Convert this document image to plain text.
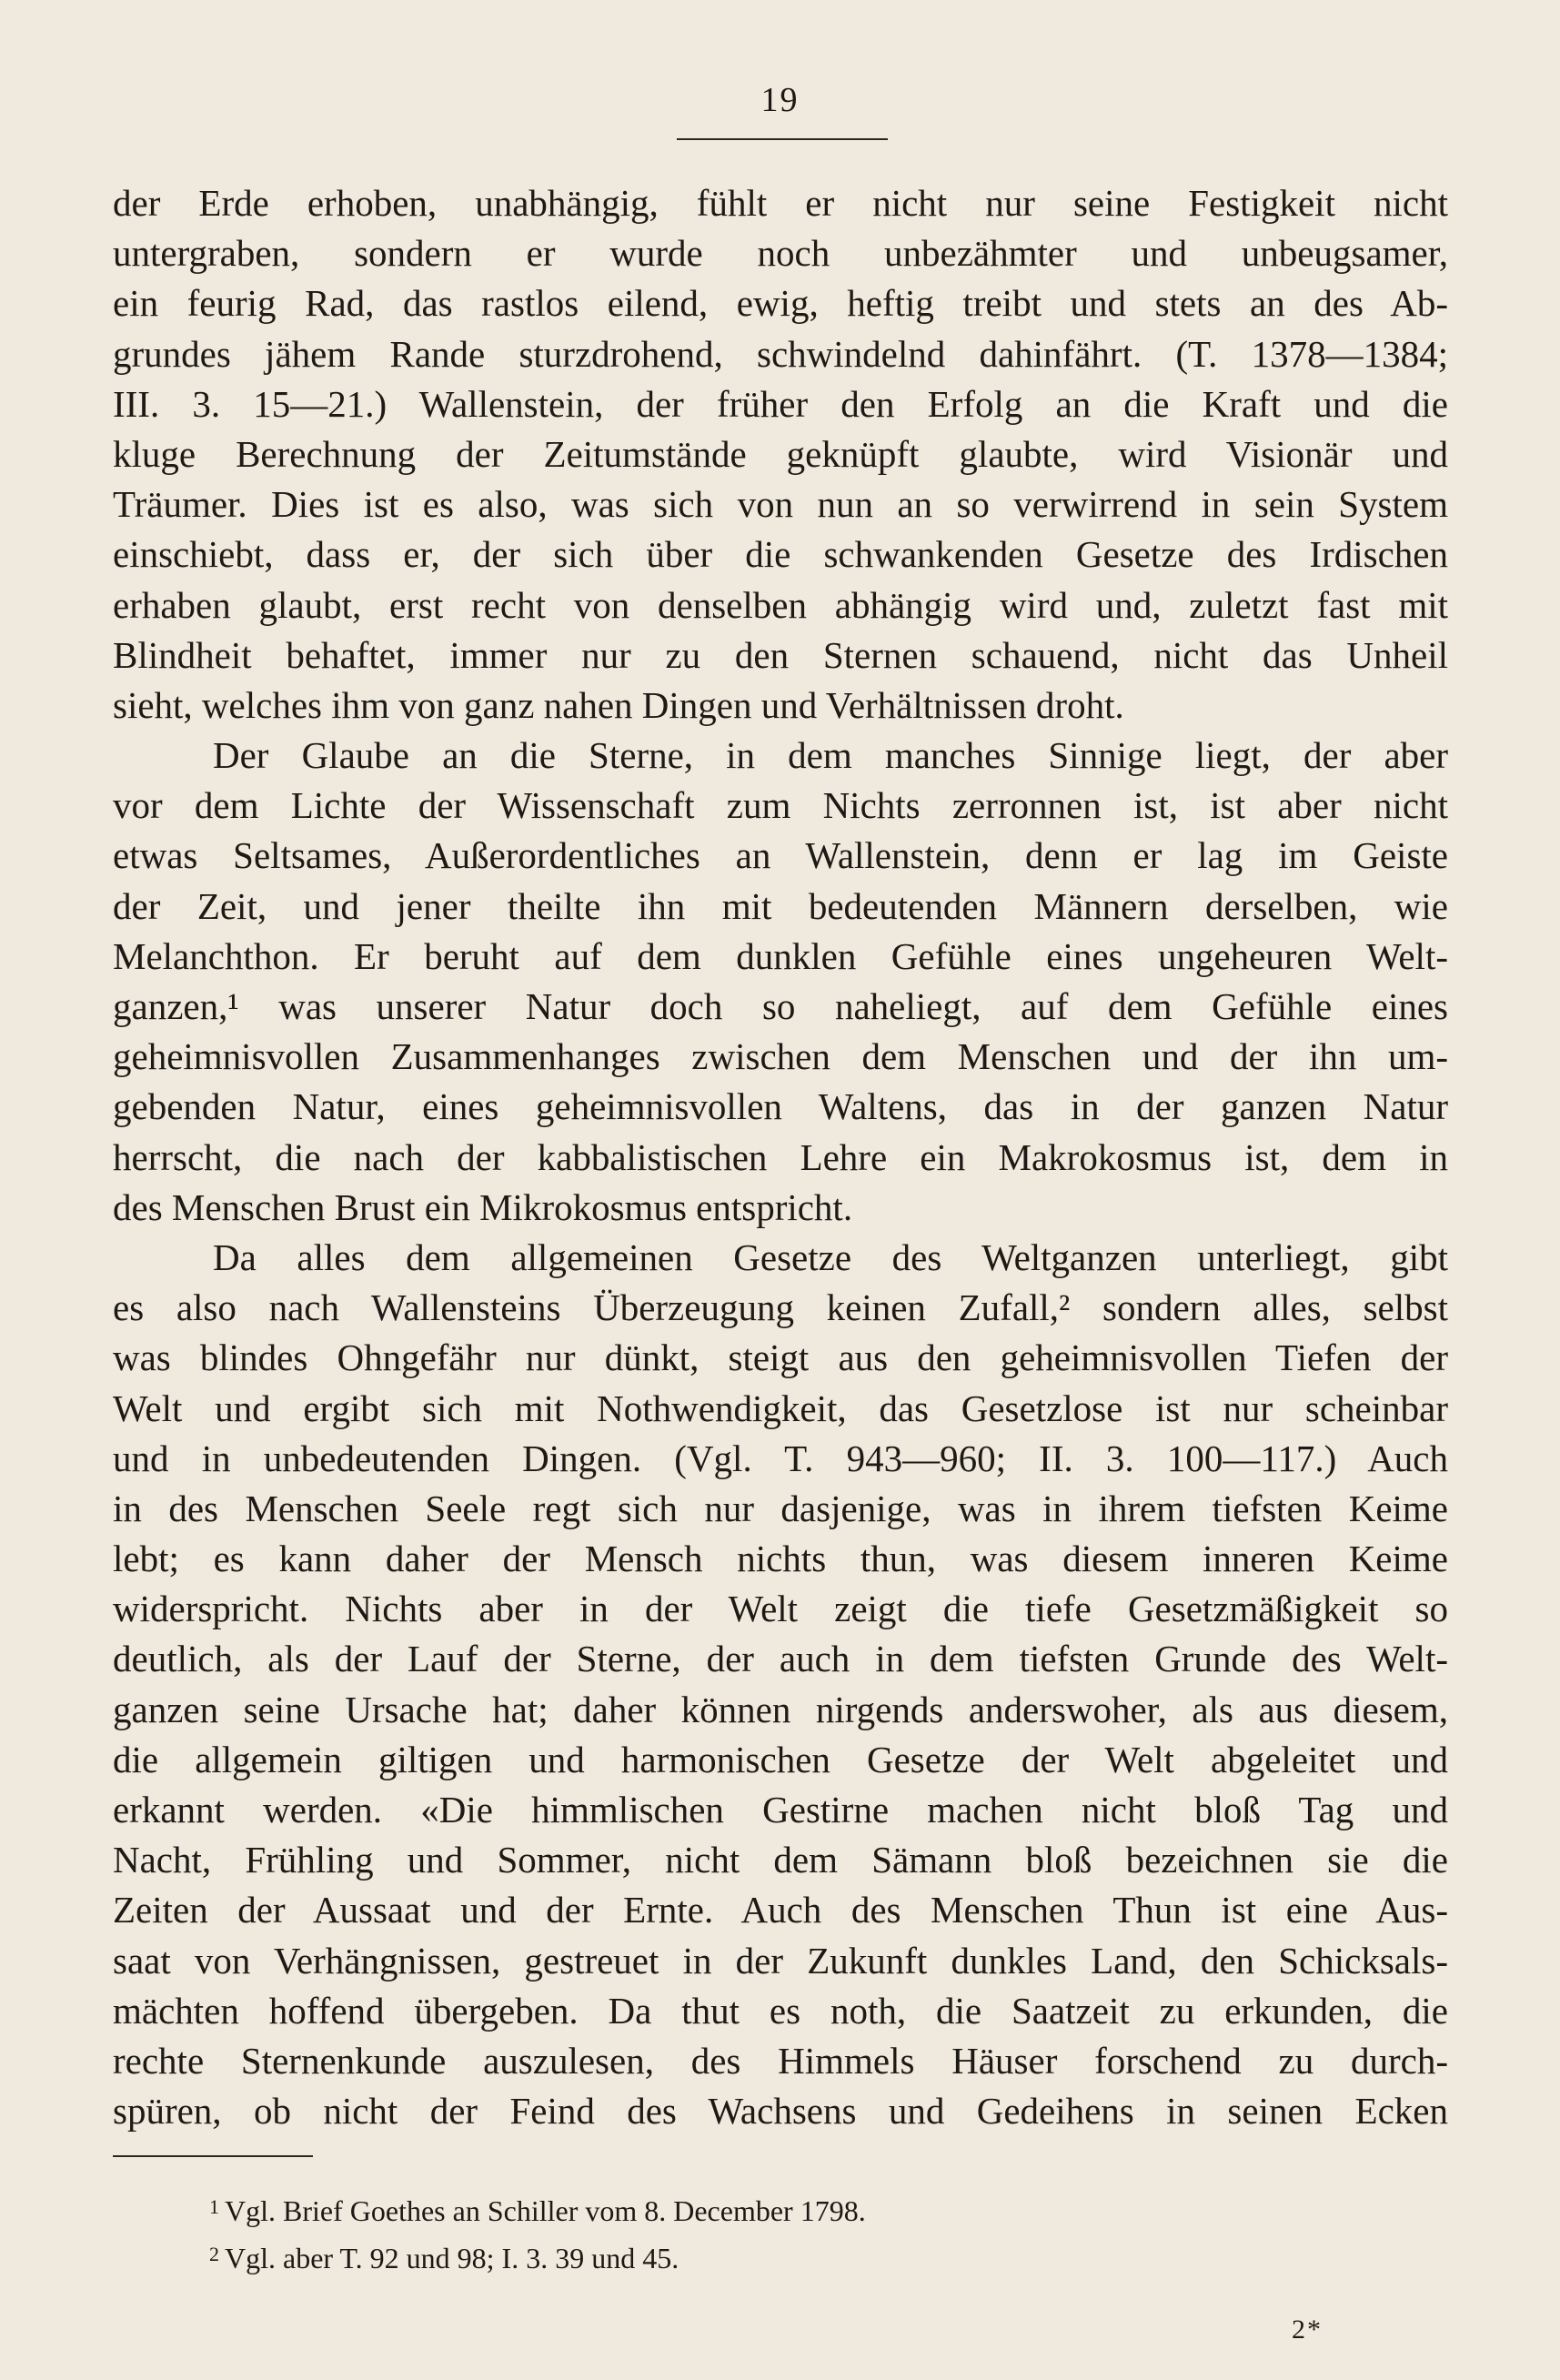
19
der Erde erhoben, unabhängig, fühlt er nicht nur seine Festigkeit nicht
untergraben, sondern er wurde noch unbezähmter und unbeugsamer,
ein feurig Rad, das rastlos eilend, ewig, heftig treibt und stets an des Ab-
grundes jähem Rande sturzdrohend, schwindelnd dahinfährt. (T. 1378—1384;
III. 3. 15—21.) Wallenstein, der früher den Erfolg an die Kraft und die
kluge Berechnung der Zeitumstände geknüpft glaubte, wird Visionär und
Träumer. Dies ist es also, was sich von nun an so verwirrend in sein System
einschiebt, dass er, der sich über die schwankenden Gesetze des Irdischen
erhaben glaubt, erst recht von denselben abhängig wird und, zuletzt fast mit
Blindheit behaftet, immer nur zu den Sternen schauend, nicht das Unheil
sieht, welches ihm von ganz nahen Dingen und Verhältnissen droht.
Der Glaube an die Sterne, in dem manches Sinnige liegt, der aber
vor dem Lichte der Wissenschaft zum Nichts zerronnen ist, ist aber nicht
etwas Seltsames, Außerordentliches an Wallenstein, denn er lag im Geiste
der Zeit, und jener theilte ihn mit bedeutenden Männern derselben, wie
Melanchthon. Er beruht auf dem dunklen Gefühle eines ungeheuren Welt-
ganzen,¹ was unserer Natur doch so naheliegt, auf dem Gefühle eines
geheimnisvollen Zusammenhanges zwischen dem Menschen und der ihn um-
gebenden Natur, eines geheimnisvollen Waltens, das in der ganzen Natur
herrscht, die nach der kabbalistischen Lehre ein Makrokosmus ist, dem in
des Menschen Brust ein Mikrokosmus entspricht.
Da alles dem allgemeinen Gesetze des Weltganzen unterliegt, gibt
es also nach Wallensteins Überzeugung keinen Zufall,² sondern alles, selbst
was blindes Ohngefähr nur dünkt, steigt aus den geheimnisvollen Tiefen der
Welt und ergibt sich mit Nothwendigkeit, das Gesetzlose ist nur scheinbar
und in unbedeutenden Dingen. (Vgl. T. 943—960; II. 3. 100—117.) Auch
in des Menschen Seele regt sich nur dasjenige, was in ihrem tiefsten Keime
lebt; es kann daher der Mensch nichts thun, was diesem inneren Keime
widerspricht. Nichts aber in der Welt zeigt die tiefe Gesetzmäßigkeit so
deutlich, als der Lauf der Sterne, der auch in dem tiefsten Grunde des Welt-
ganzen seine Ursache hat; daher können nirgends anderswoher, als aus diesem,
die allgemein giltigen und harmonischen Gesetze der Welt abgeleitet und
erkannt werden. «Die himmlischen Gestirne machen nicht bloß Tag und
Nacht, Frühling und Sommer, nicht dem Sämann bloß bezeichnen sie die
Zeiten der Aussaat und der Ernte. Auch des Menschen Thun ist eine Aus-
saat von Verhängnissen, gestreuet in der Zukunft dunkles Land, den Schicksals-
mächten hoffend übergeben. Da thut es noth, die Saatzeit zu erkunden, die
rechte Sternenkunde auszulesen, des Himmels Häuser forschend zu durch-
spüren, ob nicht der Feind des Wachsens und Gedeihens in seinen Ecken
$^1$ Vgl. Brief Goethes an Schiller vom 8. December 1798.
$^2$ Vgl. aber T. 92 und 98; I. 3. 39 und 45.
2*
